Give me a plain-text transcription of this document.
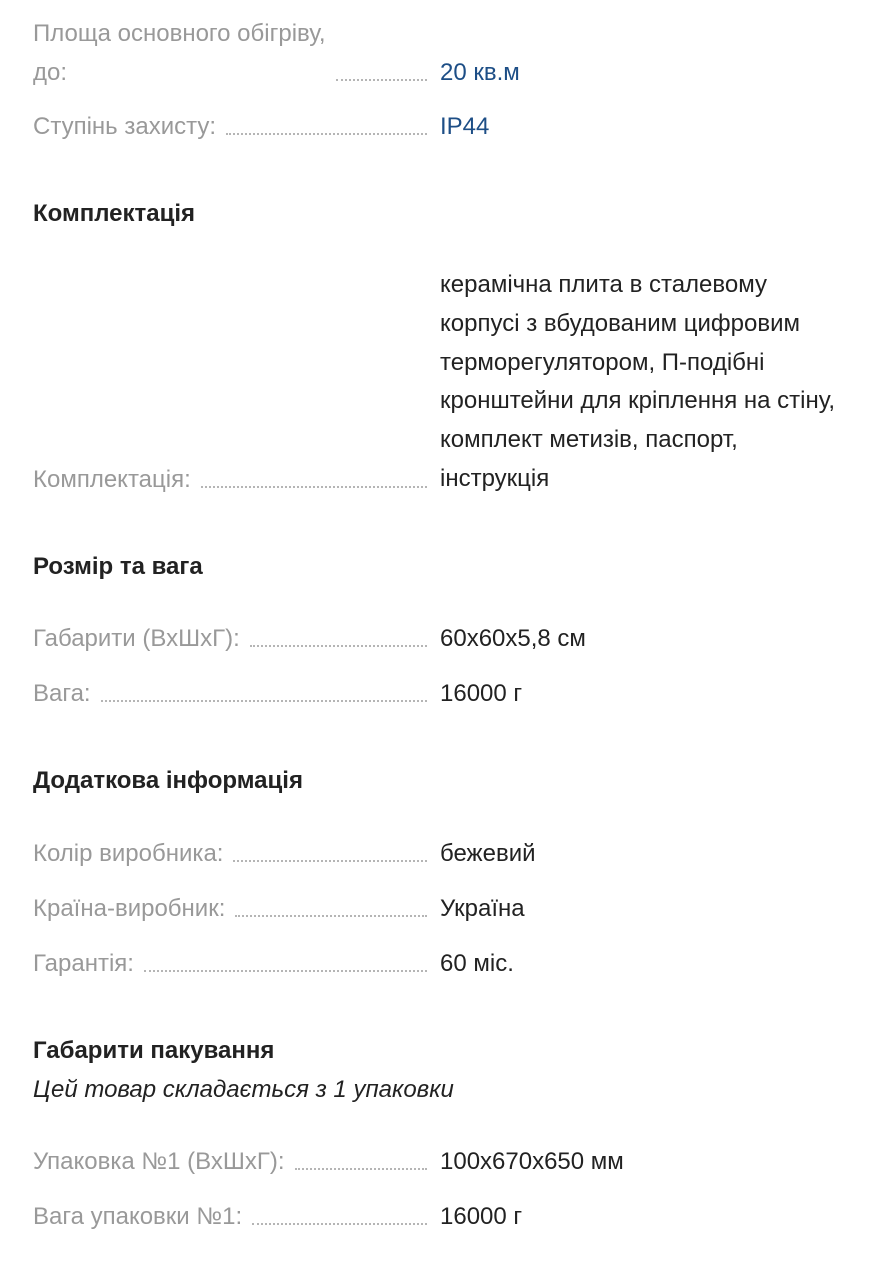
Площа основного обігріву,
до:	20 кв.м
Ступінь захисту:	IP44
Комплектація
Комплектація:
керамічна плита в сталевому корпусі з вбудованим цифровим терморегулятором, П-подібні кронштейни для кріплення на стіну, комплект метизів, паспорт, інструкція
Розмір та вага
Габарити (ВхШхГ):	60x60x5,8 см
Вага:	16000 г
Додаткова інформація
Колір виробника:	бежевий
Країна-виробник:	Україна
Гарантія:	60 міс.
Габарити пакування

Цей товар складається з 1 упаковки

Упаковка №1 (ВхШхГ):	100x670x650 мм
Вага упаковки №1:	16000 г
